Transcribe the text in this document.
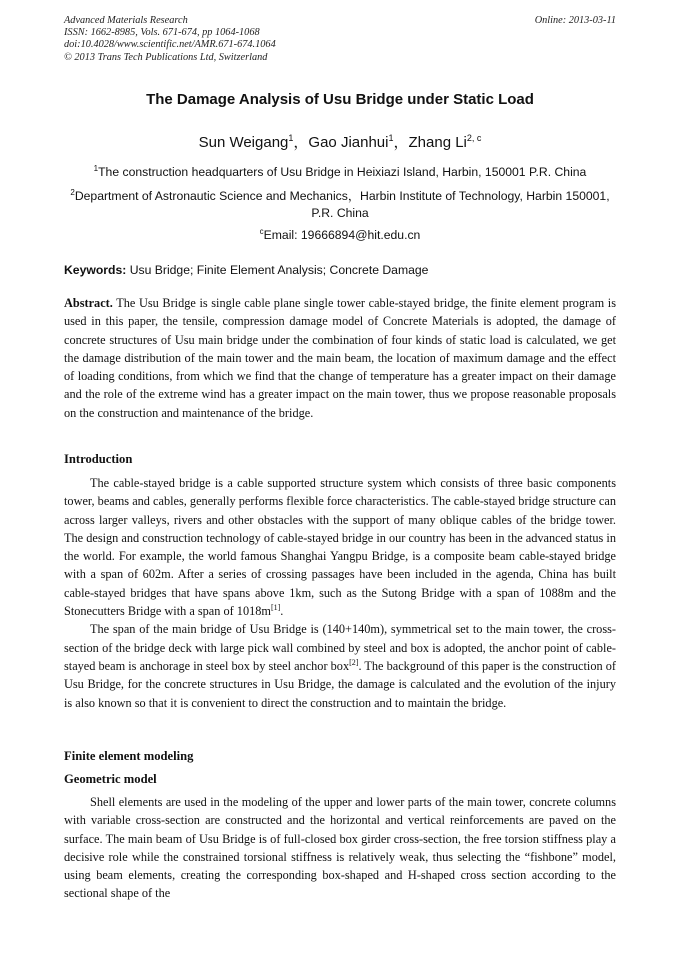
Advanced Materials Research
ISSN: 1662-8985, Vols. 671-674, pp 1064-1068
doi:10.4028/www.scientific.net/AMR.671-674.1064
© 2013 Trans Tech Publications Ltd, Switzerland
Online: 2013-03-11
The Damage Analysis of Usu Bridge under Static Load
Sun Weigang$^1$，Gao Jianhui$^1$，Zhang Li$^{2, c}$
$^1$The construction headquarters of Usu Bridge in Heixiazi Island, Harbin, 150001 P.R. China
$^2$Department of Astronautic Science and Mechanics，Harbin Institute of Technology, Harbin 150001, P.R. China
$^c$Email: 19666894@hit.edu.cn
Keywords: Usu Bridge; Finite Element Analysis; Concrete Damage

Abstract. The Usu Bridge is single cable plane single tower cable-stayed bridge, the finite element program is used in this paper, the tensile, compression damage model of Concrete Materials is adopted, the damage of concrete structures of Usu main bridge under the combination of four kinds of static load is calculated, we get the damage distribution of the main tower and the main beam, the location of maximum damage and the effect of loading conditions, from which we find that the change of temperature has a greater impact on their damage and the role of the extreme wind has a greater impact on the main tower, thus we propose reasonable proposals on the construction and maintenance of the bridge.

Introduction

The cable-stayed bridge is a cable supported structure system which consists of three basic components tower, beams and cables, generally performs flexible force characteristics. The cable-stayed bridge structure can across larger valleys, rivers and other obstacles with the support of many oblique cables of the bridge tower. The design and construction technology of cable-stayed bridge in our country has been in the advanced status in the world. For example, the world famous Shanghai Yangpu Bridge, is a composite beam cable-stayed bridge with a span of 602m. After a series of crossing passages have been included in the agenda, China has built cable-stayed bridges that have spans above 1km, such as the Sutong Bridge with a span of 1088m and the Stonecutters Bridge with a span of 1018m[1].

The span of the main bridge of Usu Bridge is (140+140m), symmetrical set to the main tower, the cross-section of the bridge deck with large pick wall combined by steel and box is adopted, the anchor point of cable-stayed beam is anchorage in steel box by steel anchor box[2]. The background of this paper is the construction of Usu Bridge, for the concrete structures in Usu Bridge, the damage is calculated and the evolution of the injury is also known so that it is convenient to direct the construction and to maintain the bridge.

Finite element modeling
Geometric model

Shell elements are used in the modeling of the upper and lower parts of the main tower, concrete columns with variable cross-section are constructed and the horizontal and vertical reinforcements are paved on the surface. The main beam of Usu Bridge is of full-closed box girder cross-section, the free torsion stiffness play a decisive role while the constrained torsional stiffness is relatively weak, thus selecting the “fishbone” model, using beam elements, creating the corresponding box-shaped and H-shaped cross section according to the sectional shape of the
